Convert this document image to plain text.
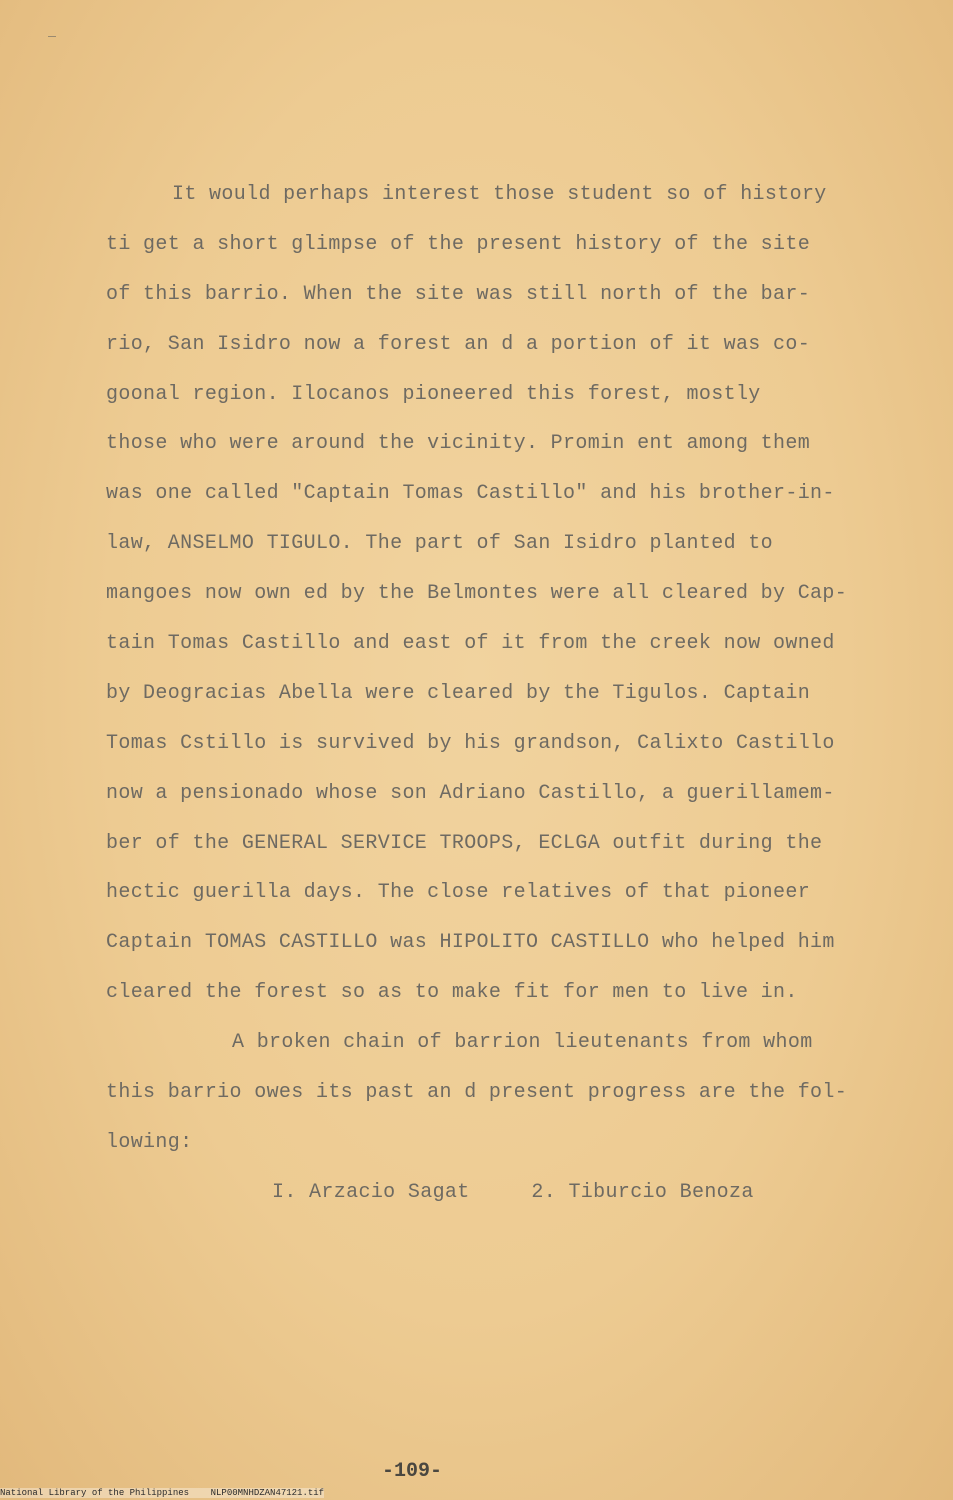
It would perhaps interest those student so of history
ti get a short glimpse of the present history of the site
of this barrio. When the site was still north of the bar-
rio, San Isidro now a forest an d a portion of it was co-
goonal region. Ilocanos pioneered this forest, mostly
those who were around the vicinity. Promin ent among them
was one called "Captain Tomas Castillo" and his brother-in-
law, ANSELMO TIGULO. The part of San Isidro planted to
mangoes now own ed by the Belmontes were all cleared by Cap-
tain Tomas Castillo and east of it from the creek now owned
by Deogracias Abella were cleared by the Tigulos. Captain
Tomas Cstillo is survived by his grandson, Calixto Castillo
now a pensionado whose son Adriano Castillo, a guerillamem-
ber of the GENERAL SERVICE TROOPS, ECLGA outfit during the
hectic guerilla days. The close relatives of that pioneer
Captain TOMAS CASTILLO was HIPOLITO CASTILLO who helped him
cleared the forest so as to make fit for men to live in.
A broken chain of barrion lieutenants from whom
this barrio owes its past an d present progress are the fol-
lowing:
I. Arzacio Sagat     2. Tiburcio Benoza
-109-
National Library of the Philippines    NLP00MNHDZAN47121.tif
